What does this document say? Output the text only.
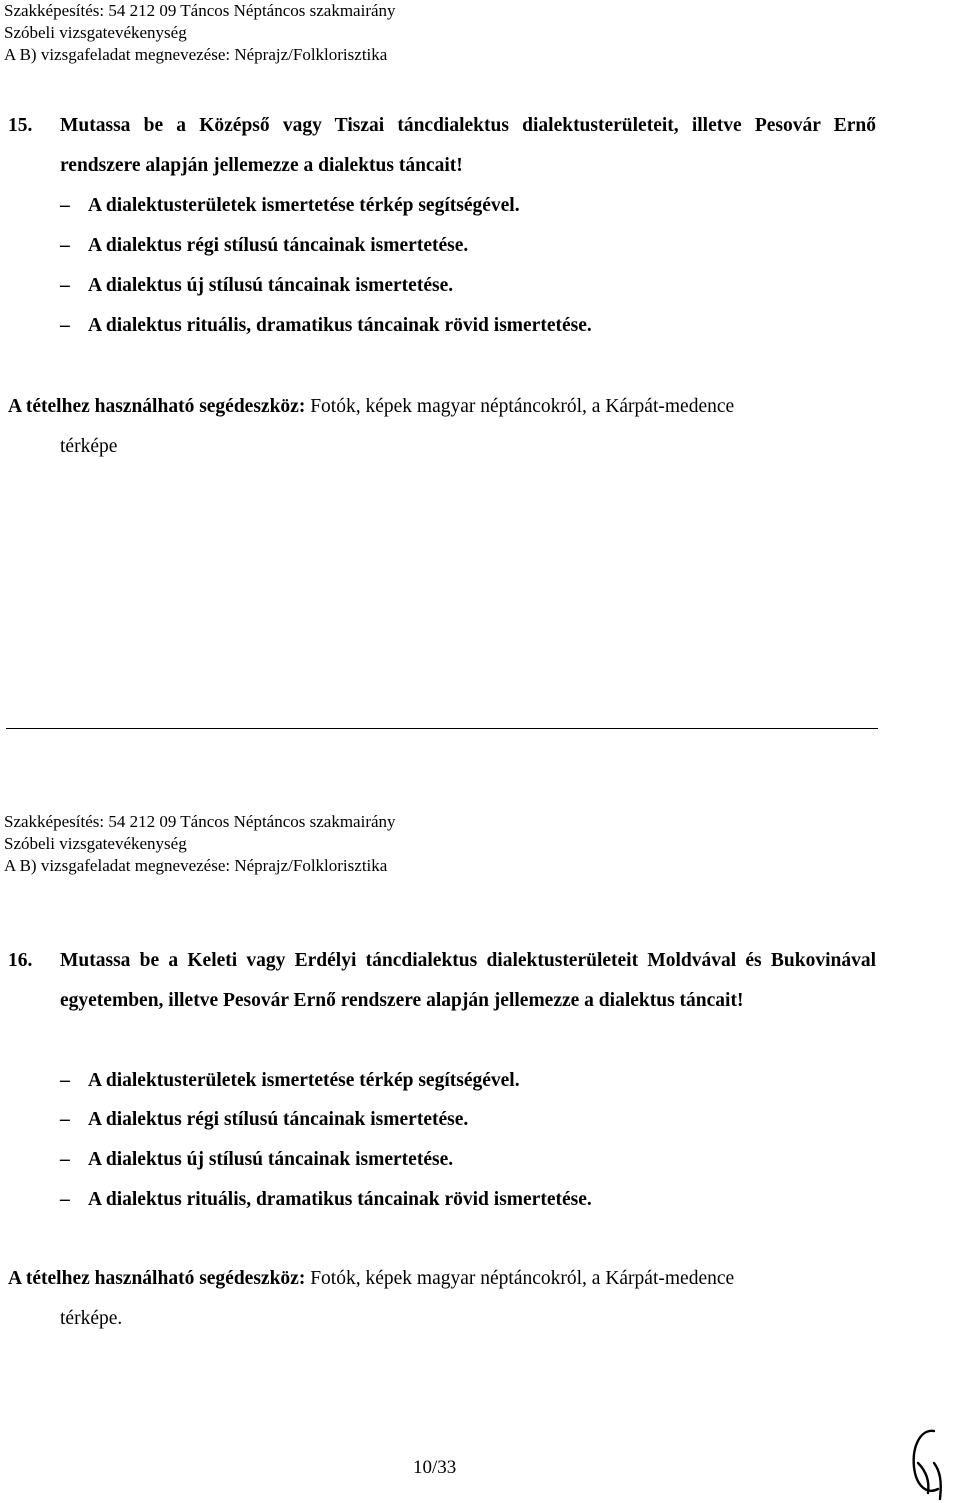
Szakképesítés: 54 212 09 Táncos Néptáncos szakmairány
Szóbeli vizsgatevékenység
A B) vizsgafeladat megnevezése: Néprajz/Folklorisztika
15.	Mutassa be a Középső vagy Tiszai táncdialektus dialektusterületeit, illetve Pesovár Ernő rendszere alapján jellemezze a dialektus táncait!
– A dialektusterületek ismertetése térkép segítségével.
– A dialektus régi stílusú táncainak ismertetése.
– A dialektus új stílusú táncainak ismertetése.
– A dialektus rituális, dramatikus táncainak rövid ismertetése.
A tételhez használható segédeszköz: Fotók, képek magyar néptáncokról, a Kárpát-medence
térképe
Szakképesítés: 54 212 09 Táncos Néptáncos szakmairány
Szóbeli vizsgatevékenység
A B) vizsgafeladat megnevezése: Néprajz/Folklorisztika
16.	Mutassa be a Keleti vagy Erdélyi táncdialektus dialektusterületeit Moldvával és Bukovinával egyetemben, illetve Pesovár Ernő rendszere alapján jellemezze a dialektus táncait!
– A dialektusterületek ismertetése térkép segítségével.
– A dialektus régi stílusú táncainak ismertetése.
– A dialektus új stílusú táncainak ismertetése.
– A dialektus rituális, dramatikus táncainak rövid ismertetése.
A tételhez használható segédeszköz: Fotók, képek magyar néptáncokról, a Kárpát-medence
térképe.
10/33
